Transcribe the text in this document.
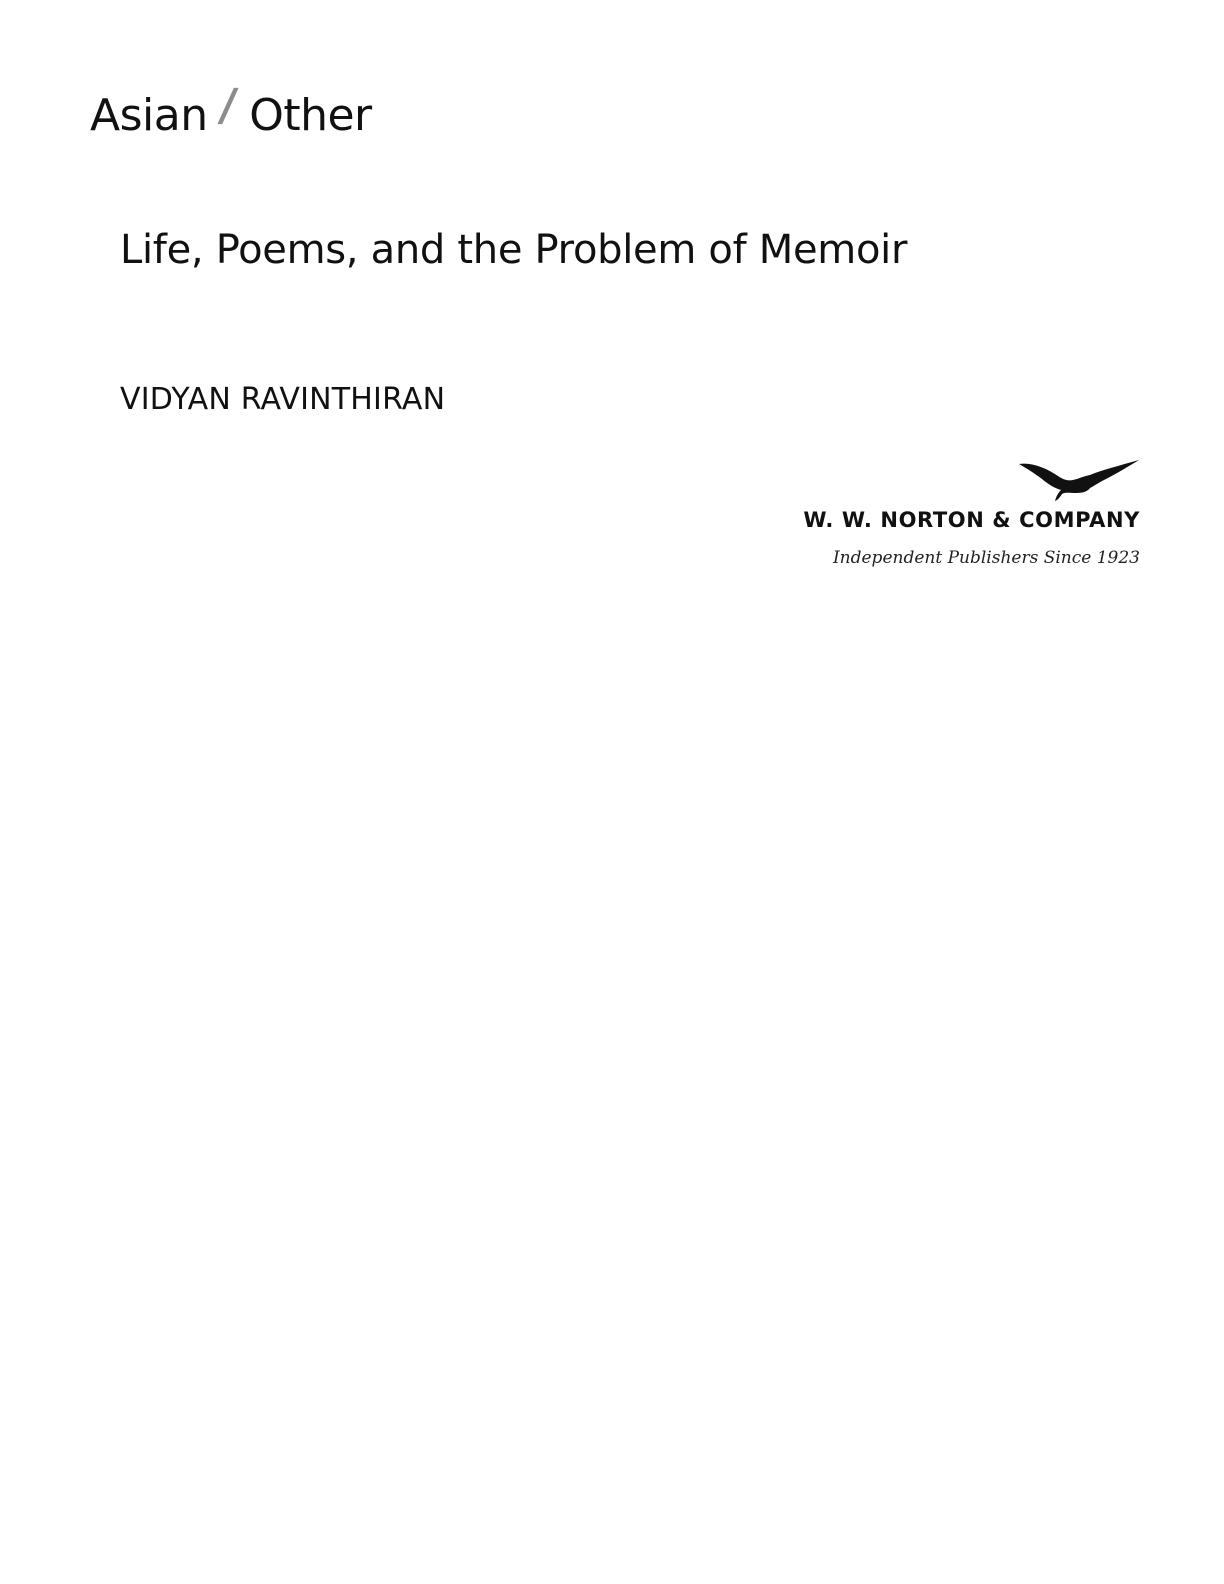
Asian / Other
Life, Poems, and the Problem of Memoir
VIDYAN RAVINTHIRAN
W. W. NORTON & COMPANY
Independent Publishers Since 1923
